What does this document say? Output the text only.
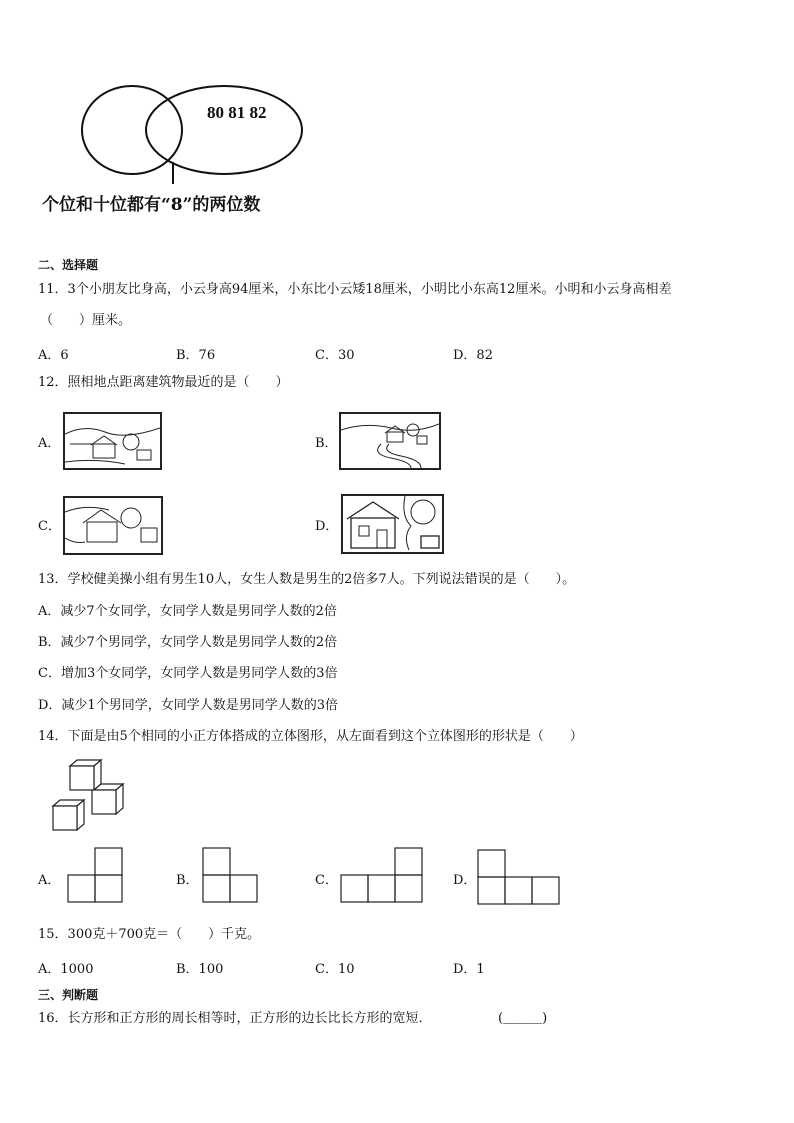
80 81 82
个位和十位都有“8”的两位数
二、选择题
11．3个小朋友比身高，小云身高94厘米，小东比小云矮18厘米，小明比小东高12厘米。小明和小云身高相差
（　　）厘米。
A．6	B．76	C．30	D．82
12．照相地点距离建筑物最近的是（　　）
A．	B．
C．	D．
13．学校健美操小组有男生10人，女生人数是男生的2倍多7人。下列说法错误的是（　　）。
A．减少7个女同学，女同学人数是男同学人数的2倍
B．减少7个男同学，女同学人数是男同学人数的2倍
C．增加3个女同学，女同学人数是男同学人数的3倍
D．减少1个男同学，女同学人数是男同学人数的3倍
14．下面是由5个相同的小正方体搭成的立体图形，从左面看到这个立体图形的形状是（　　）
A．	B．	C．	D．
15．300克＋700克＝（　　）千克。
A．1000	B．100	C．10	D．1
三、判断题
16．长方形和正方形的周长相等时，正方形的边长比长方形的宽短．	(＿＿＿)
